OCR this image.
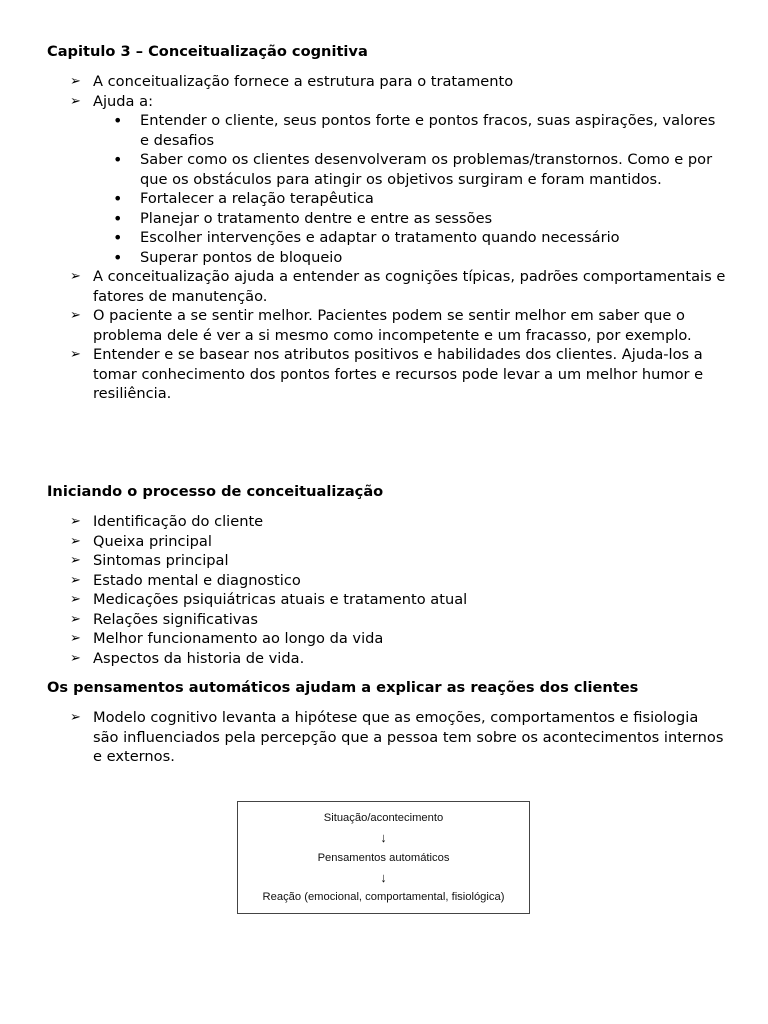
Capitulo 3 – Conceitualização cognitiva
➢ A conceitualização fornece a estrutura para o tratamento
➢ Ajuda a:
• Entender o cliente, seus pontos forte e pontos fracos, suas aspirações, valores e desafios
• Saber como os clientes desenvolveram os problemas/transtornos. Como e por que os obstáculos para atingir os objetivos surgiram e foram mantidos.
• Fortalecer a relação terapêutica
• Planejar o tratamento dentre e entre as sessões
• Escolher intervenções e adaptar o tratamento quando necessário
• Superar pontos de bloqueio
➢ A conceitualização ajuda a entender as cognições típicas, padrões comportamentais e fatores de manutenção.
➢ O paciente a se sentir melhor. Pacientes podem se sentir melhor em saber que o problema dele é ver a si mesmo como incompetente e um fracasso, por exemplo.
➢ Entender e se basear nos atributos positivos e habilidades dos clientes. Ajuda-los a tomar conhecimento dos pontos fortes e recursos pode levar a um melhor humor e resiliência.
Iniciando o processo de conceitualização
➢ Identificação do cliente
➢ Queixa principal
➢ Sintomas principal
➢ Estado mental e diagnostico
➢ Medicações psiquiátricas atuais e tratamento atual
➢ Relações significativas
➢ Melhor funcionamento ao longo da vida
➢ Aspectos da historia de vida.
Os pensamentos automáticos ajudam a explicar as reações dos clientes
➢ Modelo cognitivo levanta a hipótese que as emoções, comportamentos e fisiologia são influenciados pela percepção que a pessoa tem sobre os acontecimentos internos e externos.
Situação/acontecimento
↓
Pensamentos automáticos
↓
Reação (emocional, comportamental, fisiológica)
